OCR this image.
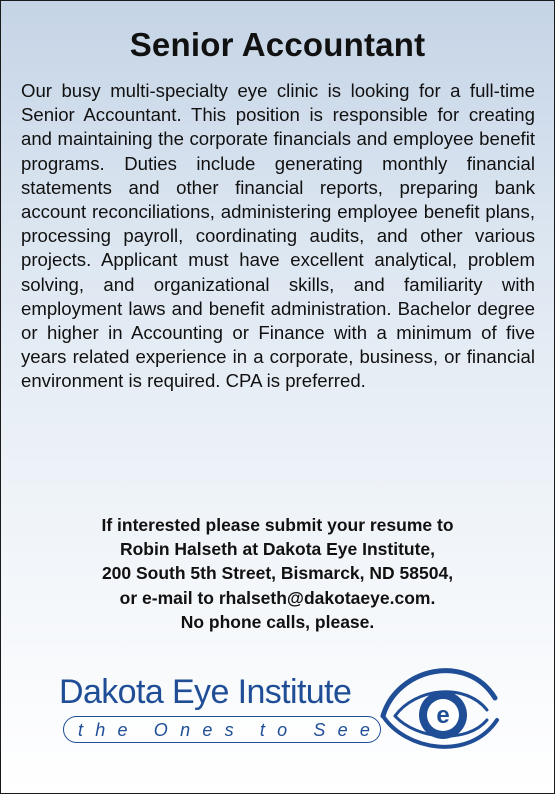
Senior Accountant

Our busy multi-specialty eye clinic is looking for a full-time Senior Accountant. This position is responsible for creating and maintaining the corporate financials and employee benefit programs. Duties include generating monthly financial statements and other financial reports, preparing bank account reconciliations, administering employee benefit plans, processing payroll, coordinating audits, and other various projects. Applicant must have excellent analytical, problem solving, and organizational skills, and familiarity with employment laws and benefit administration. Bachelor degree or higher in Accounting or Finance with a minimum of five years related experience in a corporate, business, or financial environment is required. CPA is preferred.

If interested please submit your resume to
Robin Halseth at Dakota Eye Institute,
200 South 5th Street, Bismarck, ND 58504,
or e-mail to rhalseth@dakotaeye.com.
No phone calls, please.
Dakota Eye Institute
t h e O n e s t o S e e
e
